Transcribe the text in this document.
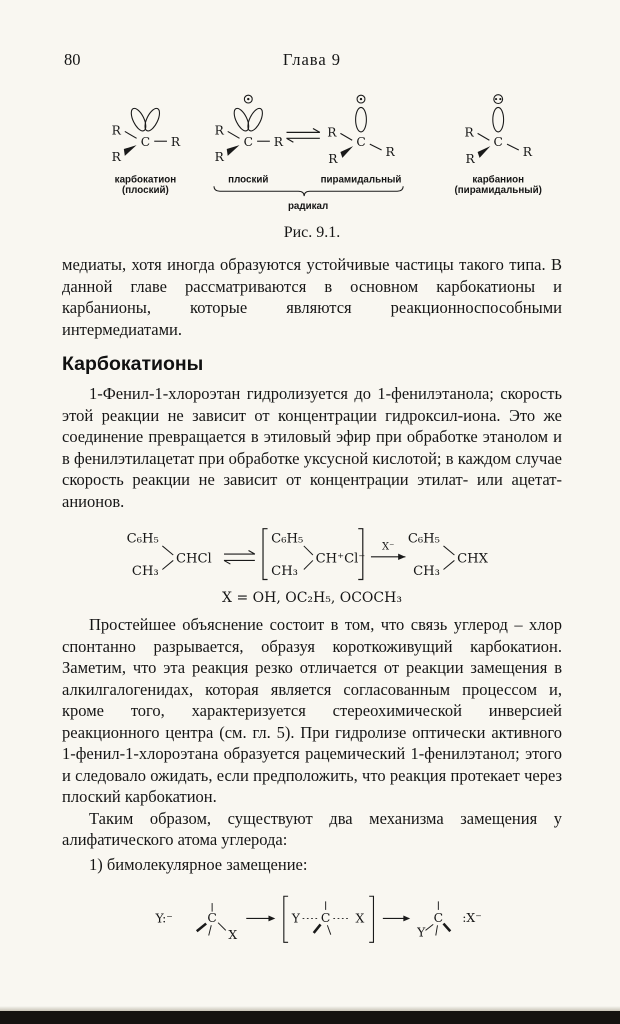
80	Глава 9
C
R
R
R	C
R
R
R	C
R
R	R
C
R
R	R
карбокатион
(плоский)
плоский	пирамидальный
радикал
карбанион
(пирамидальный)
Рис. 9.1.

медиаты, хотя иногда образуются устойчивые частицы такого типа. В данной главе рассматриваются в основном карбокатионы и карбанионы, которые являются реакционноспособными интермедиатами.

Карбокатионы

1-Фенил-1-хлороэтан гидролизуется до 1-фенилэтанола; скорость этой реакции не зависит от концентрации гидроксил-иона. Это же соединение превращается в этиловый эфир при обработке этанолом и в фенилэтилацетат при обработке уксусной кислотой; в каждом случае скорость реакции не зависит от концентрации этилат- или ацетат-анионов.

C₆H₅
CH₃
CHCl
C₆H₅
CH₃
CH⁺Cl⁻
X⁻
C₆H₅
CH₃
CHX
X = OH, OC₂H₅, OCOCH₃

Простейшее объяснение состоит в том, что связь углерод – хлор спонтанно разрывается, образуя короткоживущий карбокатион. Заметим, что эта реакция резко отличается от реакции замещения в алкилгалогенидах, которая является согласованным процессом и, кроме того, характеризуется стереохимической инверсией реакционного центра (см. гл. 5). При гидролизе оптически активного 1-фенил-1-хлороэтана образуется рацемический 1-фенилэтанол; этого и следовало ожидать, если предположить, что реакция протекает через плоский карбокатион.

Таким образом, существуют два механизма замещения у алифатического атома углерода:

1) бимолекулярное замещение:

Y:⁻ C
X
Y C X
Y
C :X⁻
